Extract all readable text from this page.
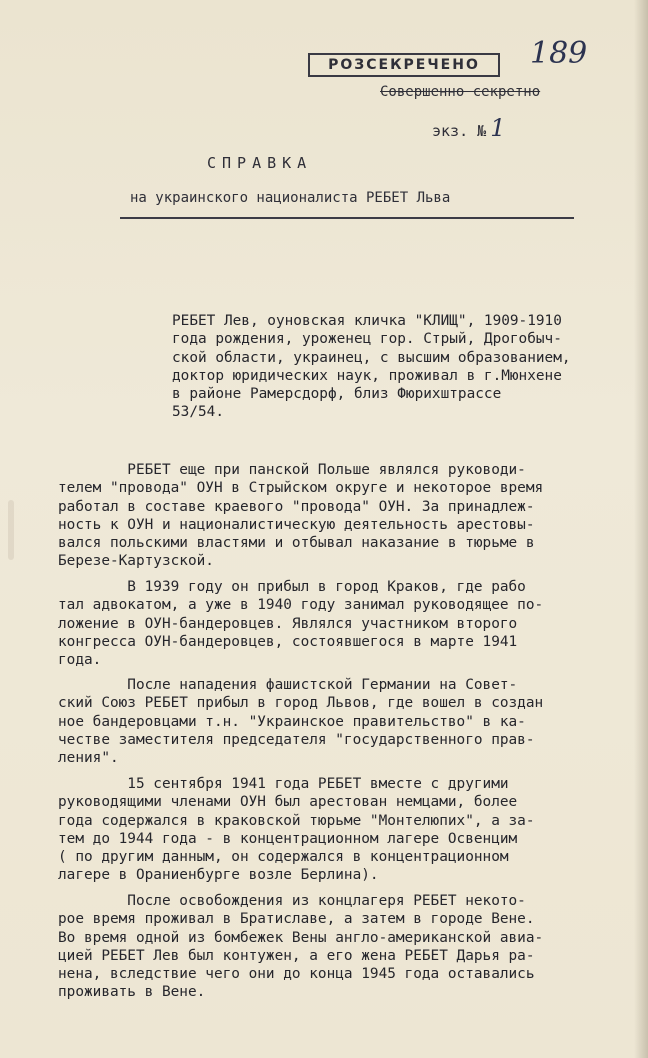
РОЗСЕКРЕЧЕНО	189
Совершенно секретно
экз. № 1
СПРАВКА
на украинского националиста РЕБЕТ Льва

РЕБЕТ Лев, оуновская кличка "КЛИЩ", 1909-1910
года рождения, уроженец гор. Стрый, Дрогобыч-
ской области, украинец, с высшим образованием,
доктор юридических наук, проживал в г.Мюнхене
в районе Рамерсдорф, близ Фюрихштрассе
53/54.

РЕБЕТ еще при панской Польше являлся руководи-
телем "провода" ОУН в Стрыйском округе и некоторое время
работал в составе краевого "провода" ОУН. За принадлеж-
ность к ОУН и националистическую деятельность арестовы-
вался польскими властями и отбывал наказание в тюрьме в
Березе-Картузской.

В 1939 году он прибыл в город Краков, где рабо
тал адвокатом, а уже в 1940 году занимал руководящее по-
ложение в ОУН-бандеровцев. Являлся участником второго
конгресса ОУН-бандеровцев, состоявшегося в марте 1941
года.

После нападения фашистской Германии на Совет-
ский Союз РЕБЕТ прибыл в город Львов, где вошел в создан
ное бандеровцами т.н. "Украинское правительство" в ка-
честве заместителя председателя "государственного прав-
ления".

15 сентября 1941 года РЕБЕТ вместе с другими
руководящими членами ОУН был арестован немцами, более
года содержался в краковской тюрьме "Монтелюпих", а за-
тем до 1944 года - в концентрационном лагере Освенцим
( по другим данным, он содержался в концентрационном
лагере в Ораниенбурге возле Берлина).

После освобождения из концлагеря РЕБЕТ некото-
рое время проживал в Братиславе, а затем в городе Вене.
Во время одной из бомбежек Вены англо-американской авиа-
цией РЕБЕТ Лев был контужен, а его жена РЕБЕТ Дарья ра-
нена, вследствие чего они до конца 1945 года оставались
проживать в Вене.
